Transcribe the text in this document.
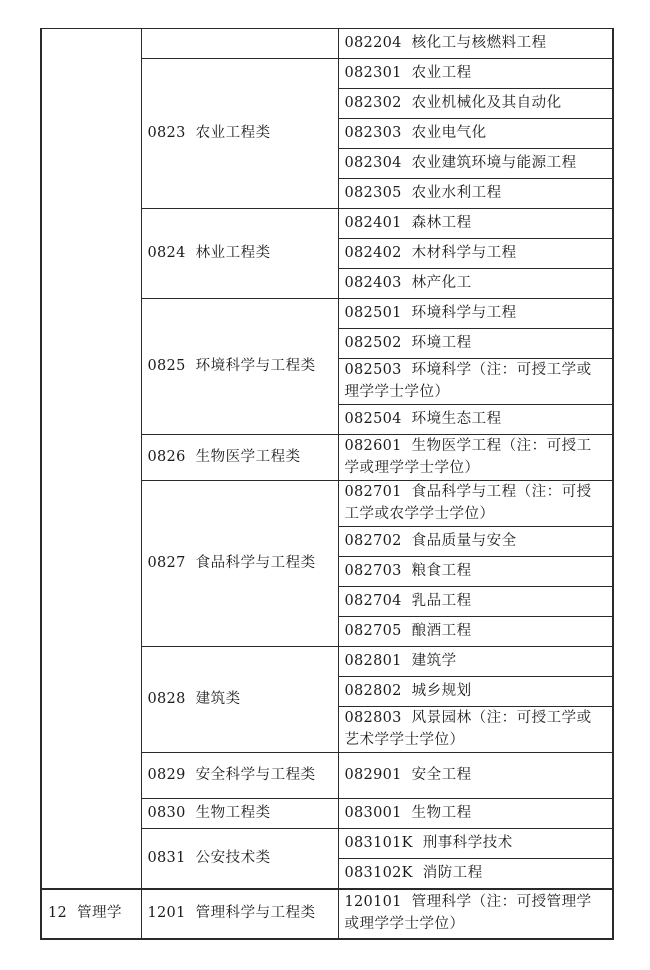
		082204 核化工与核燃料工程
	0823 农业工程类	082301 农业工程
		082302 农业机械化及其自动化
		082303 农业电气化
		082304 农业建筑环境与能源工程
		082305 农业水利工程
	0824 林业工程类	082401 森林工程
		082402 木材科学与工程
		082403 林产化工
	0825 环境科学与工程类	082501 环境科学与工程
		082502 环境工程
		082503 环境科学（注：可授工学或理学学士学位）
		082504 环境生态工程
	0826 生物医学工程类	082601 生物医学工程（注：可授工学或理学学士学位）
	0827 食品科学与工程类	082701 食品科学与工程（注：可授工学或农学学士学位）
		082702 食品质量与安全
		082703 粮食工程
		082704 乳品工程
		082705 酿酒工程
	0828 建筑类	082801 建筑学
		082802 城乡规划
		082803 风景园林（注：可授工学或艺术学学士学位）
	0829 安全科学与工程类	082901 安全工程
	0830 生物工程类	083001 生物工程
	0831 公安技术类	083101K 刑事科学技术
		083102K 消防工程
12 管理学	1201 管理科学与工程类	120101 管理科学（注：可授管理学或理学学士学位）
